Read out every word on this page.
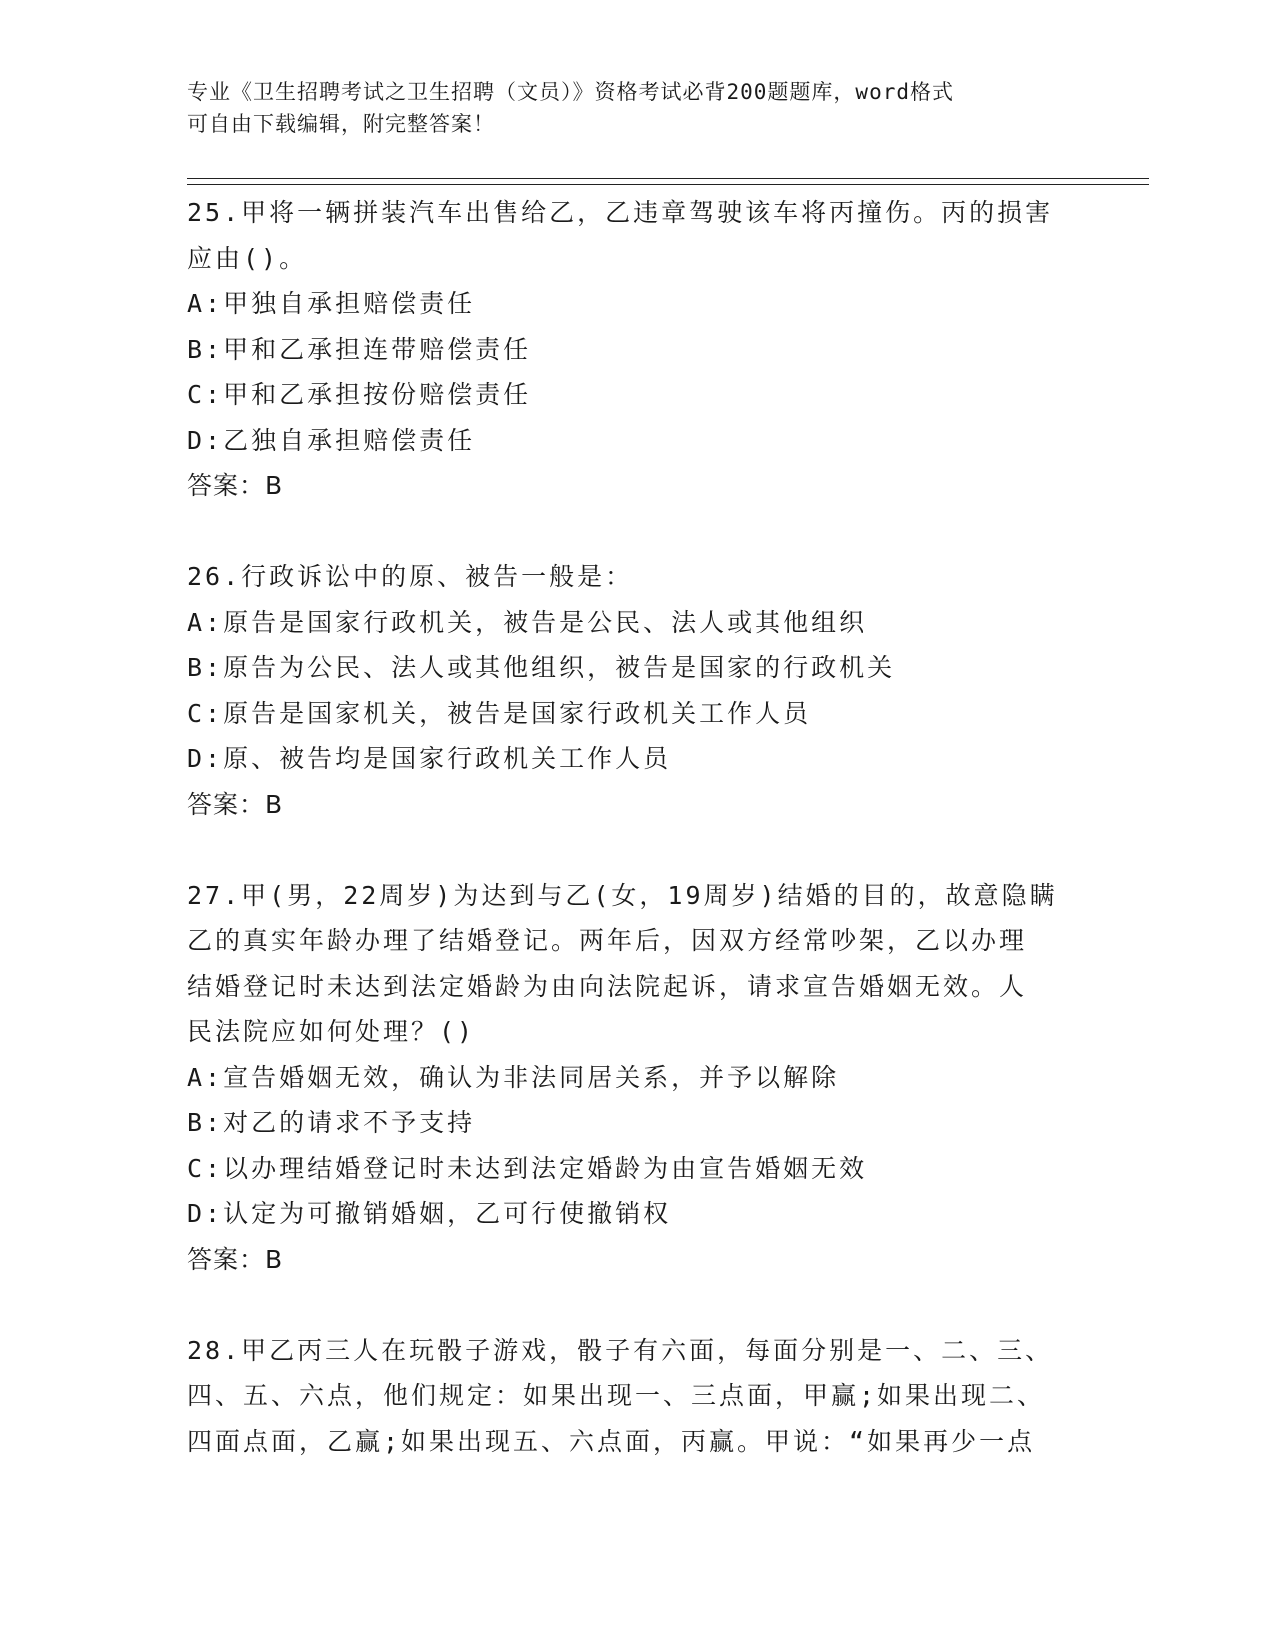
专业《卫生招聘考试之卫生招聘（文员）》资格考试必背200题题库，word格式
可自由下载编辑，附完整答案！
25.甲将一辆拼装汽车出售给乙，乙违章驾驶该车将丙撞伤。丙的损害
应由()。
A:甲独自承担赔偿责任
B:甲和乙承担连带赔偿责任
C:甲和乙承担按份赔偿责任
D:乙独自承担赔偿责任
答案：B
26.行政诉讼中的原、被告一般是：
A:原告是国家行政机关，被告是公民、法人或其他组织
B:原告为公民、法人或其他组织，被告是国家的行政机关
C:原告是国家机关，被告是国家行政机关工作人员
D:原、被告均是国家行政机关工作人员
答案：B
27.甲(男，22周岁)为达到与乙(女，19周岁)结婚的目的，故意隐瞒
乙的真实年龄办理了结婚登记。两年后，因双方经常吵架，乙以办理
结婚登记时未达到法定婚龄为由向法院起诉，请求宣告婚姻无效。人
民法院应如何处理？()
A:宣告婚姻无效，确认为非法同居关系，并予以解除
B:对乙的请求不予支持
C:以办理结婚登记时未达到法定婚龄为由宣告婚姻无效
D:认定为可撤销婚姻，乙可行使撤销权
答案：B
28.甲乙丙三人在玩骰子游戏，骰子有六面，每面分别是一、二、三、
四、五、六点，他们规定：如果出现一、三点面，甲赢;如果出现二、
四面点面，乙赢;如果出现五、六点面，丙赢。甲说：“如果再少一点
